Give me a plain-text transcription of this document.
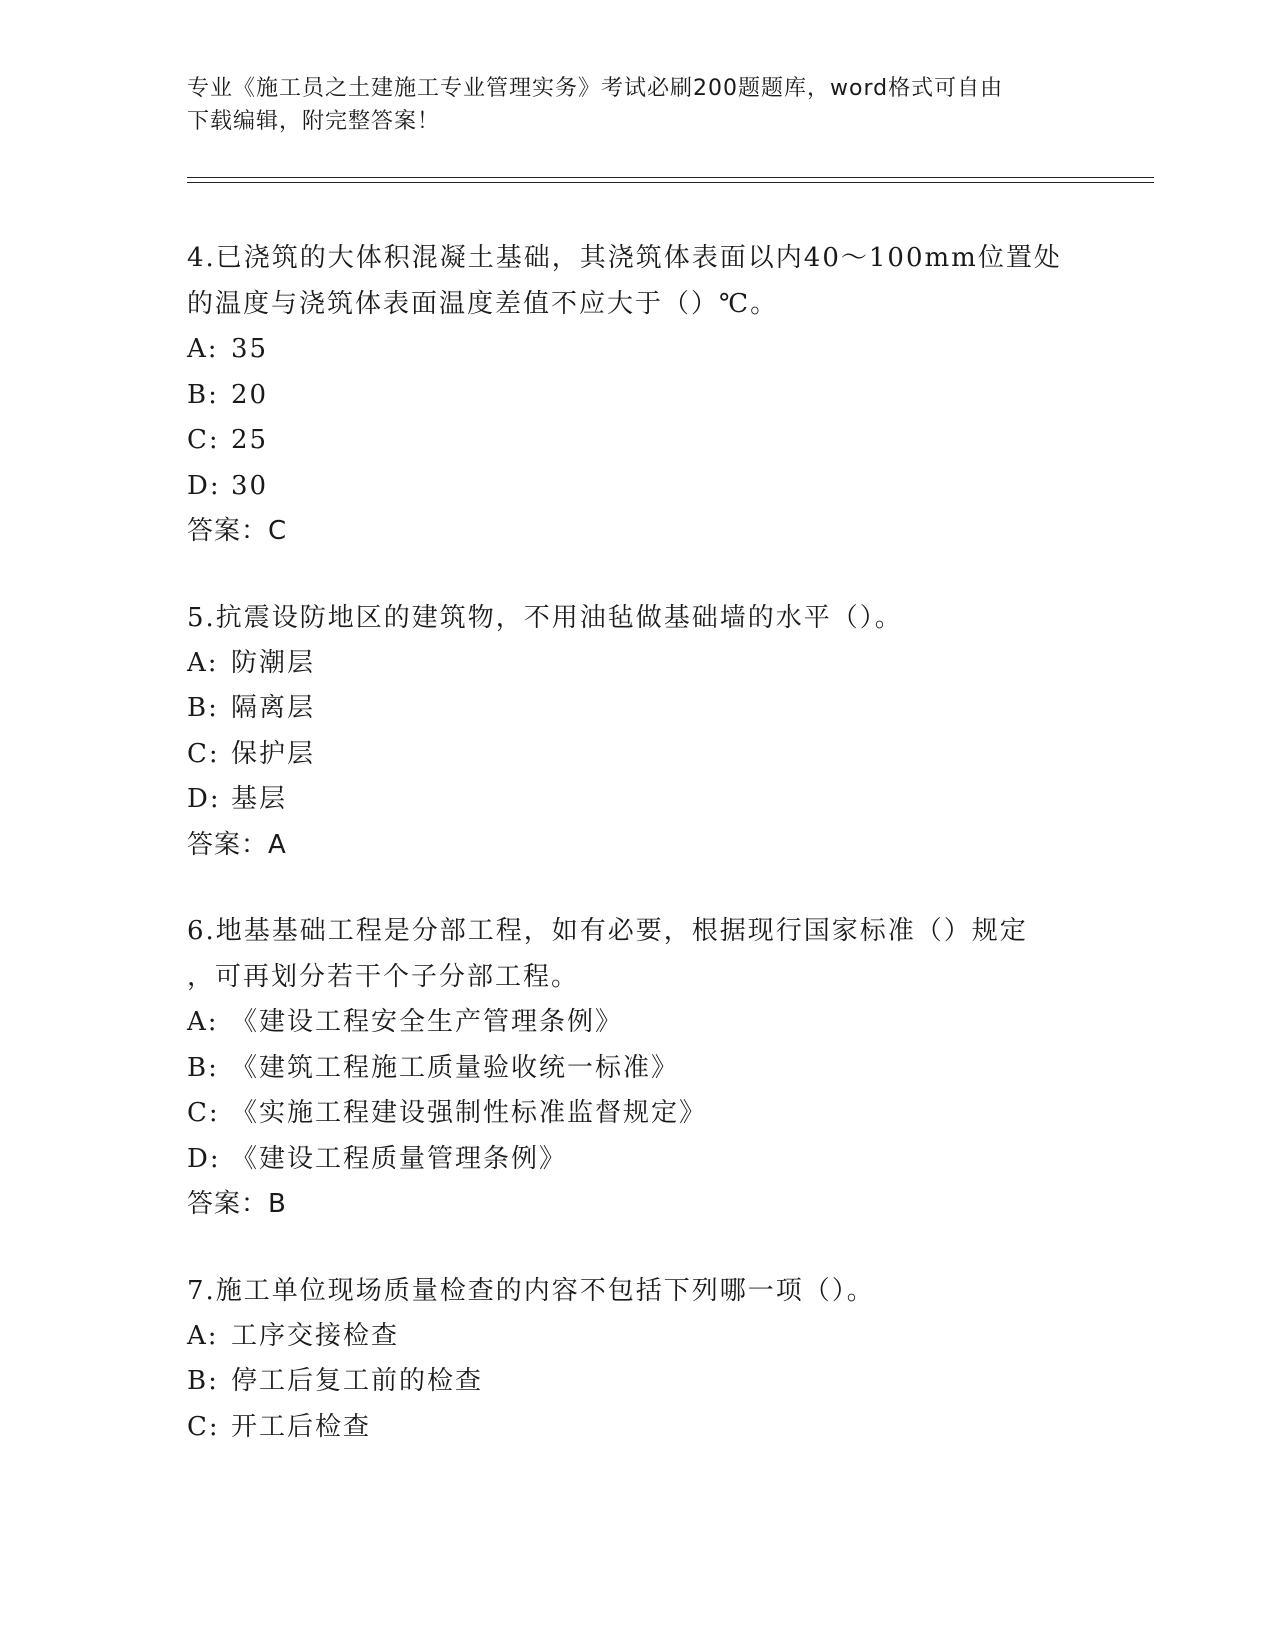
专业《施工员之土建施工专业管理实务》考试必刷200题题库，word格式可自由
下载编辑，附完整答案！
4.已浇筑的大体积混凝土基础，其浇筑体表面以内40～100mm位置处
的温度与浇筑体表面温度差值不应大于（）℃。
A: 35
B: 20
C: 25
D: 30
答案：C
5.抗震设防地区的建筑物，不用油毡做基础墙的水平（）。
A: 防潮层
B: 隔离层
C: 保护层
D: 基层
答案：A
6.地基基础工程是分部工程，如有必要，根据现行国家标准（）规定
，可再划分若干个子分部工程。
A: 《建设工程安全生产管理条例》
B: 《建筑工程施工质量验收统一标准》
C: 《实施工程建设强制性标准监督规定》
D: 《建设工程质量管理条例》
答案：B
7.施工单位现场质量检查的内容不包括下列哪一项（）。
A: 工序交接检查
B: 停工后复工前的检查
C: 开工后检查
